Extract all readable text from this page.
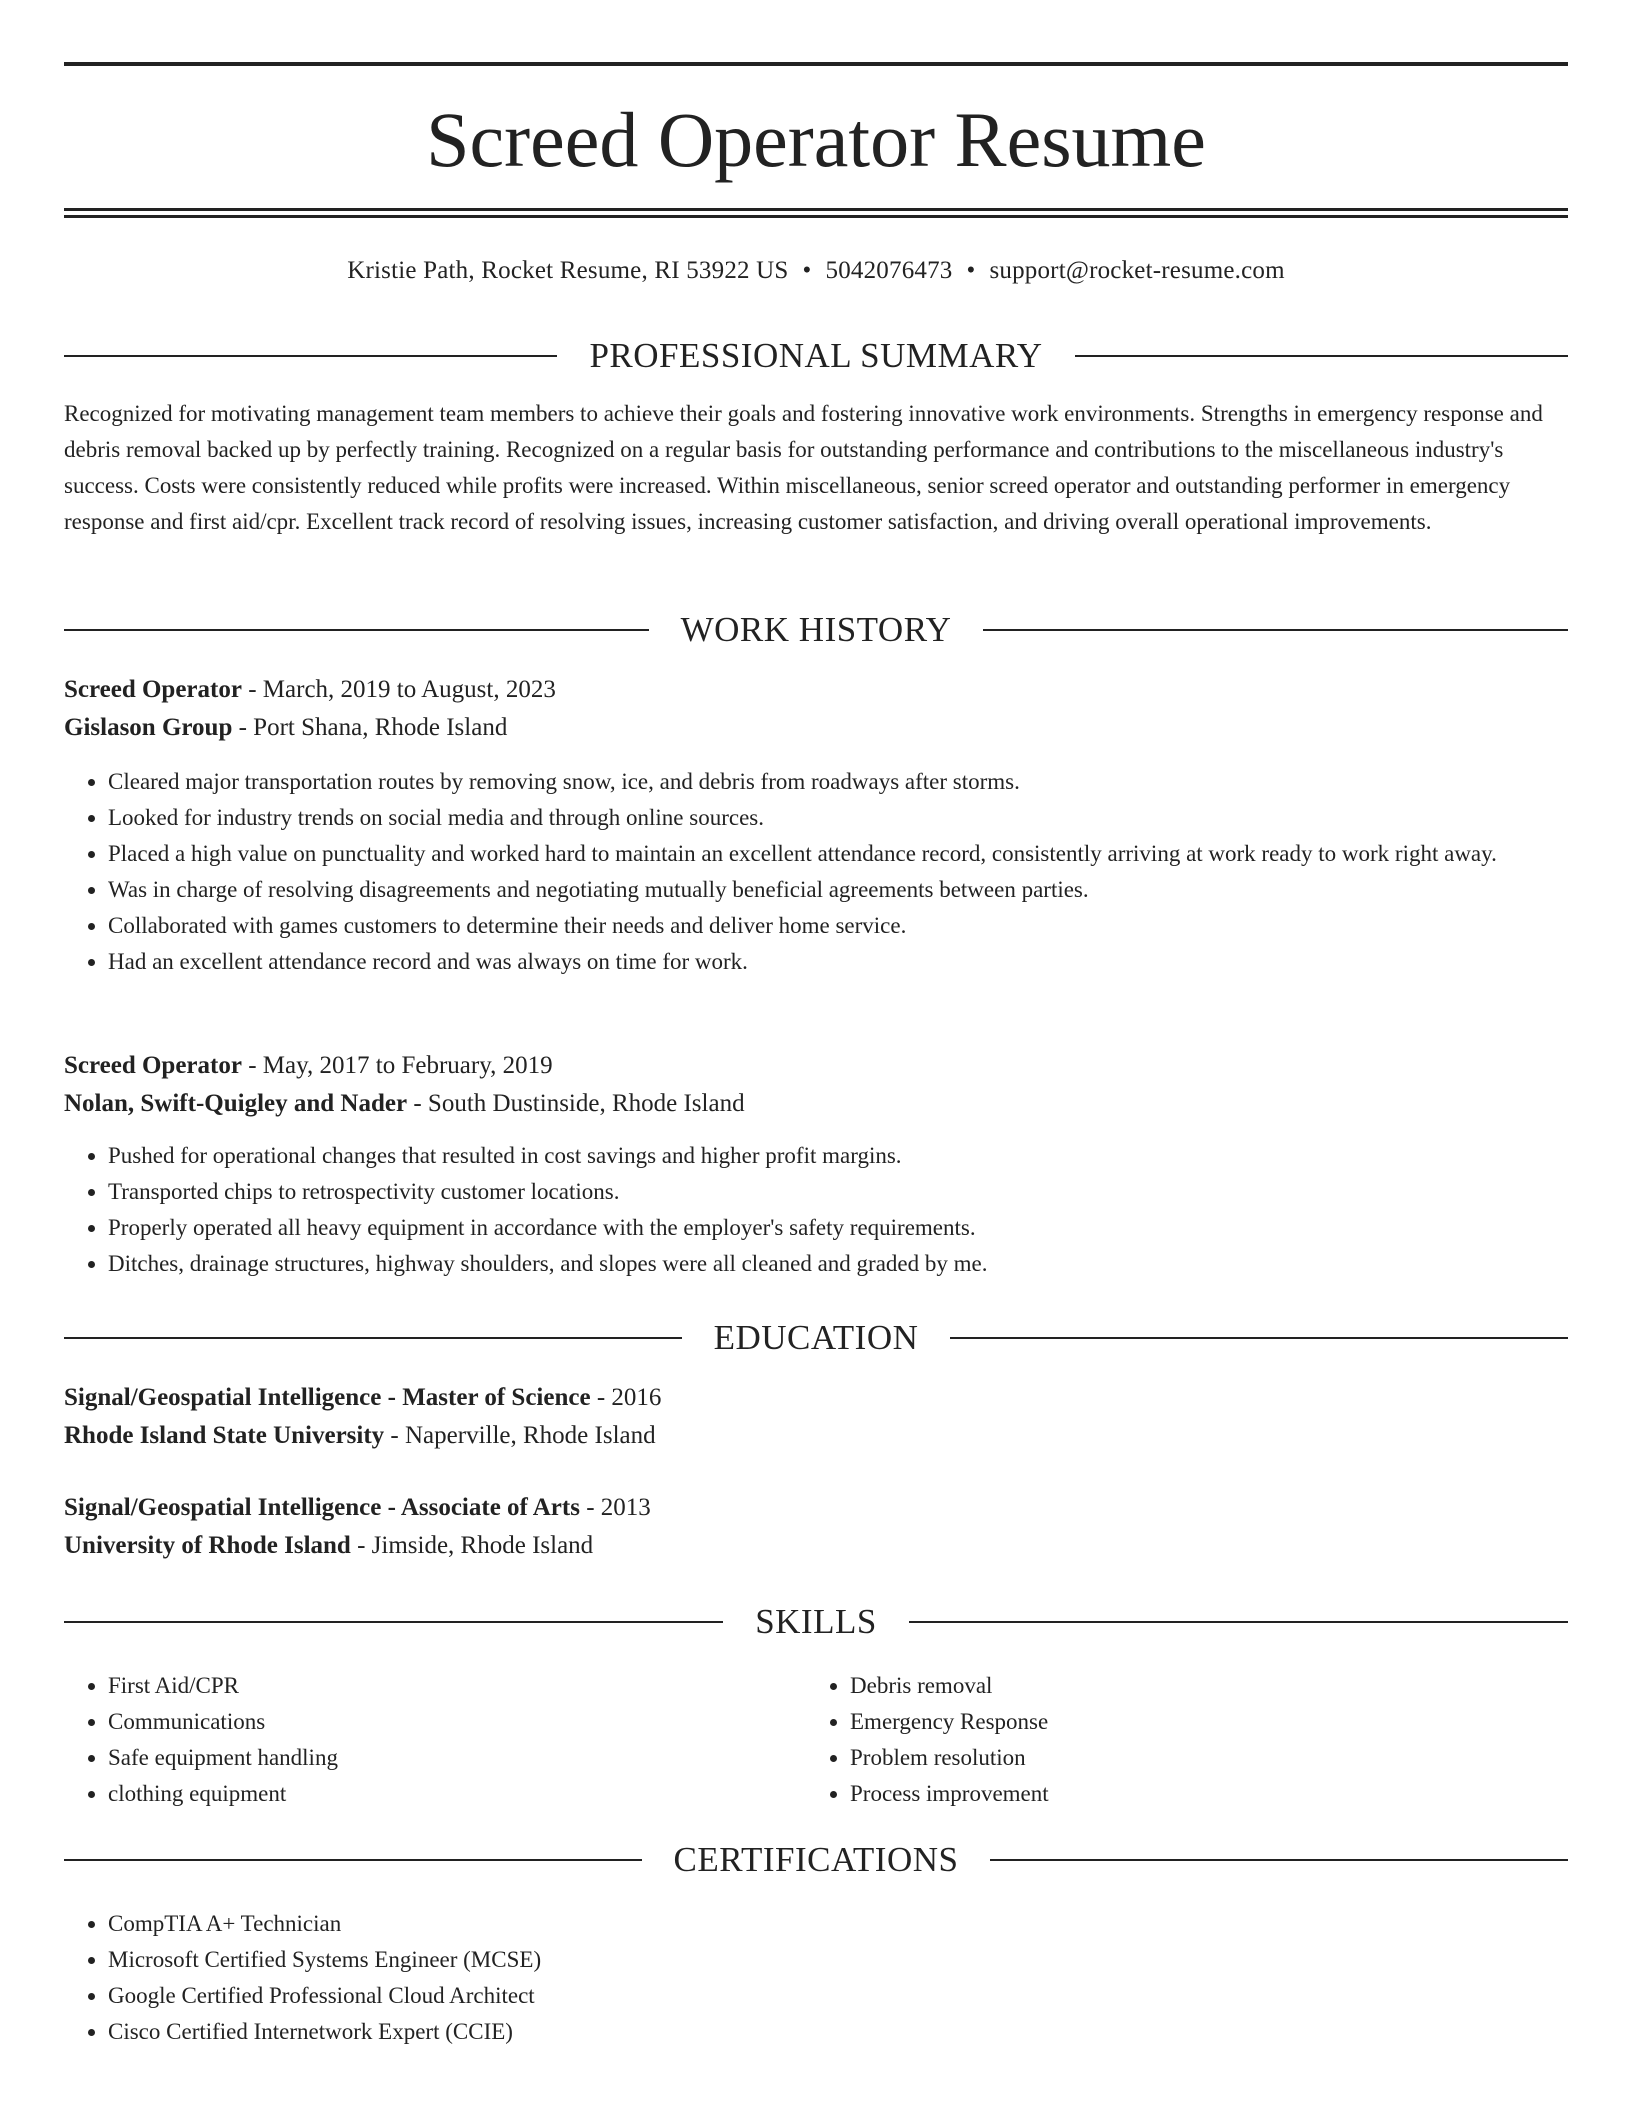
Screed Operator Resume
Kristie Path, Rocket Resume, RI 53922 US • 5042076473 • support@rocket-resume.com
PROFESSIONAL SUMMARY

Recognized for motivating management team members to achieve their goals and fostering innovative work environments. Strengths in emergency response and debris removal backed up by perfectly training. Recognized on a regular basis for outstanding performance and contributions to the miscellaneous industry's success. Costs were consistently reduced while profits were increased. Within miscellaneous, senior screed operator and outstanding performer in emergency response and first aid/cpr. Excellent track record of resolving issues, increasing customer satisfaction, and driving overall operational improvements.

WORK HISTORY
Screed Operator - March, 2019 to August, 2023
Gislason Group - Port Shana, Rhode Island
• Cleared major transportation routes by removing snow, ice, and debris from roadways after storms.
• Looked for industry trends on social media and through online sources.
• Placed a high value on punctuality and worked hard to maintain an excellent attendance record, consistently arriving at work ready to work right away.
• Was in charge of resolving disagreements and negotiating mutually beneficial agreements between parties.
• Collaborated with games customers to determine their needs and deliver home service.
• Had an excellent attendance record and was always on time for work.
Screed Operator - May, 2017 to February, 2019
Nolan, Swift-Quigley and Nader - South Dustinside, Rhode Island
• Pushed for operational changes that resulted in cost savings and higher profit margins.
• Transported chips to retrospectivity customer locations.
• Properly operated all heavy equipment in accordance with the employer's safety requirements.
• Ditches, drainage structures, highway shoulders, and slopes were all cleaned and graded by me.
EDUCATION
Signal/Geospatial Intelligence - Master of Science - 2016
Rhode Island State University - Naperville, Rhode Island
Signal/Geospatial Intelligence - Associate of Arts - 2013
University of Rhode Island - Jimside, Rhode Island
SKILLS
• First Aid/CPR
• Communications
• Safe equipment handling
• clothing equipment
• Debris removal
• Emergency Response
• Problem resolution
• Process improvement
CERTIFICATIONS
• CompTIA A+ Technician
• Microsoft Certified Systems Engineer (MCSE)
• Google Certified Professional Cloud Architect
• Cisco Certified Internetwork Expert (CCIE)
